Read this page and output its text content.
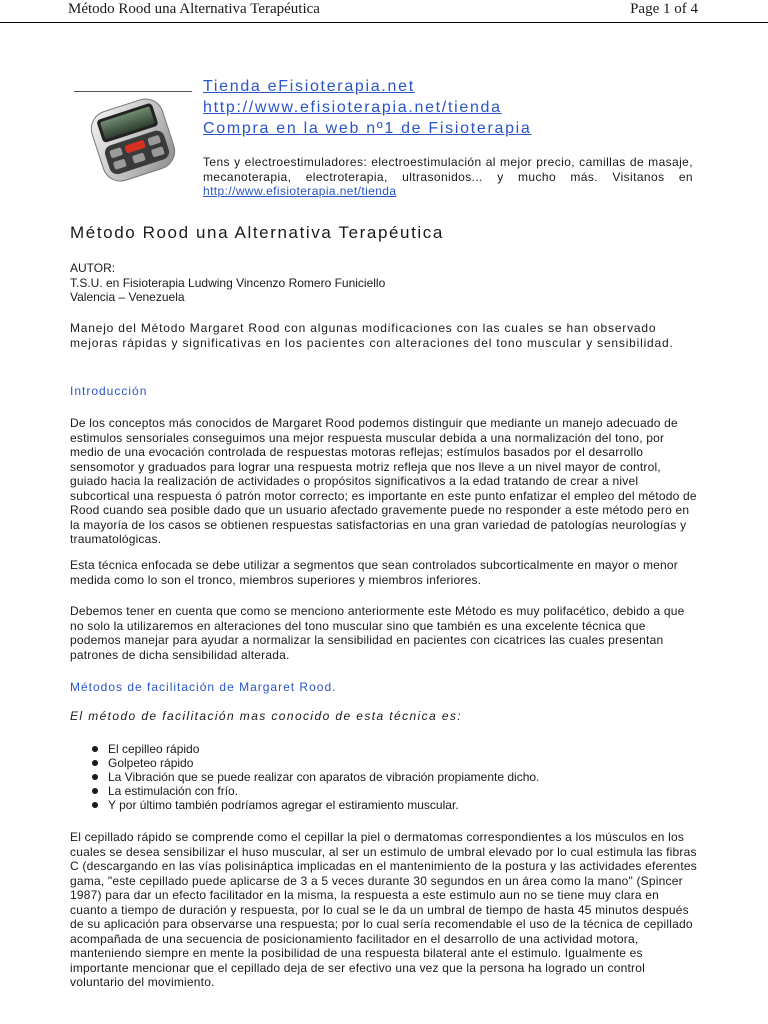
Método Rood una Alternativa Terapéutica	Page 1 of 4
Tienda eFisioterapia.net
http://www.efisioterapia.net/tienda
Compra en la web nº1 de Fisioterapia
Tens y electroestimuladores: electroestimulación al mejor precio, camillas de masaje, mecanoterapia, electroterapia, ultrasonidos... y mucho más. Visitanos en http://www.efisioterapia.net/tienda
Método Rood una Alternativa Terapéutica
AUTOR:
T.S.U. en Fisioterapia Ludwing Vincenzo Romero Funiciello
Valencia – Venezuela
Manejo del Método Margaret Rood con algunas modificaciones con las cuales se han observado mejoras rápidas y significativas en los pacientes con alteraciones del tono muscular y sensibilidad.
Introducción
De los conceptos más conocidos de Margaret Rood podemos distinguir que mediante un manejo adecuado de estimulos sensoriales conseguimos una mejor respuesta muscular debida a una normalización del tono, por medio de una evocación controlada de respuestas motoras reflejas; estímulos basados por el desarrollo sensomotor y graduados para lograr una respuesta motriz refleja que nos lleve a un nivel mayor de control, guiado hacia la realización de actividades o propósitos significativos a la edad tratando de crear a nivel subcortical una respuesta ó patrón motor correcto; es importante en este punto enfatizar el empleo del método de Rood cuando sea posible dado que un usuario afectado gravemente puede no responder a este método pero en la mayoría de los casos se obtienen respuestas satisfactorias en una gran variedad de patologías neurologías y traumatológicas.
Esta técnica enfocada se debe utilizar a segmentos que sean controlados subcorticalmente en mayor o menor medida como lo son el tronco, miembros superiores y miembros inferiores.
Debemos tener en cuenta que como se menciono anteriormente este Método es muy polifacético, debido a que no solo la utilizaremos en alteraciones del tono muscular sino que también es una excelente técnica que podemos manejar para ayudar a normalizar la sensibilidad en pacientes con cicatrices las cuales presentan patrones de dicha sensibilidad alterada.
Métodos de facilitación de Margaret Rood.
El método de facilitación mas conocido de esta técnica es:
El cepilleo rápido
Golpeteo rápido
La Vibración que se puede realizar con aparatos de vibración propiamente dicho.
La estimulación con frío.
Y por último también podríamos agregar el estiramiento muscular.
El cepillado rápido se comprende como el cepillar la piel o dermatomas correspondientes a los músculos en los cuales se desea sensibilizar el huso muscular, al ser un estimulo de umbral elevado por lo cual estimula las fibras C (descargando en las vías polisináptica implicadas en el mantenimiento de la postura y las actividades eferentes gama, "este cepillado puede aplicarse de 3 a 5 veces durante 30 segundos en un área como la mano" (Spincer 1987) para dar un efecto facilitador en la misma, la respuesta a este estimulo aun no se tiene muy clara en cuanto a tiempo de duración y respuesta, por lo cual se le da un umbral de tiempo de hasta 45 minutos después de su aplicación para observarse una respuesta; por lo cual sería recomendable el uso de la técnica de cepillado acompañada de una secuencia de posicionamiento facilitador en el desarrollo de una actividad motora, manteniendo siempre en mente la posibilidad de una respuesta bilateral ante el estimulo. Igualmente es importante mencionar que el cepillado deja de ser efectivo una vez que la persona ha logrado un control voluntario del movimiento.
